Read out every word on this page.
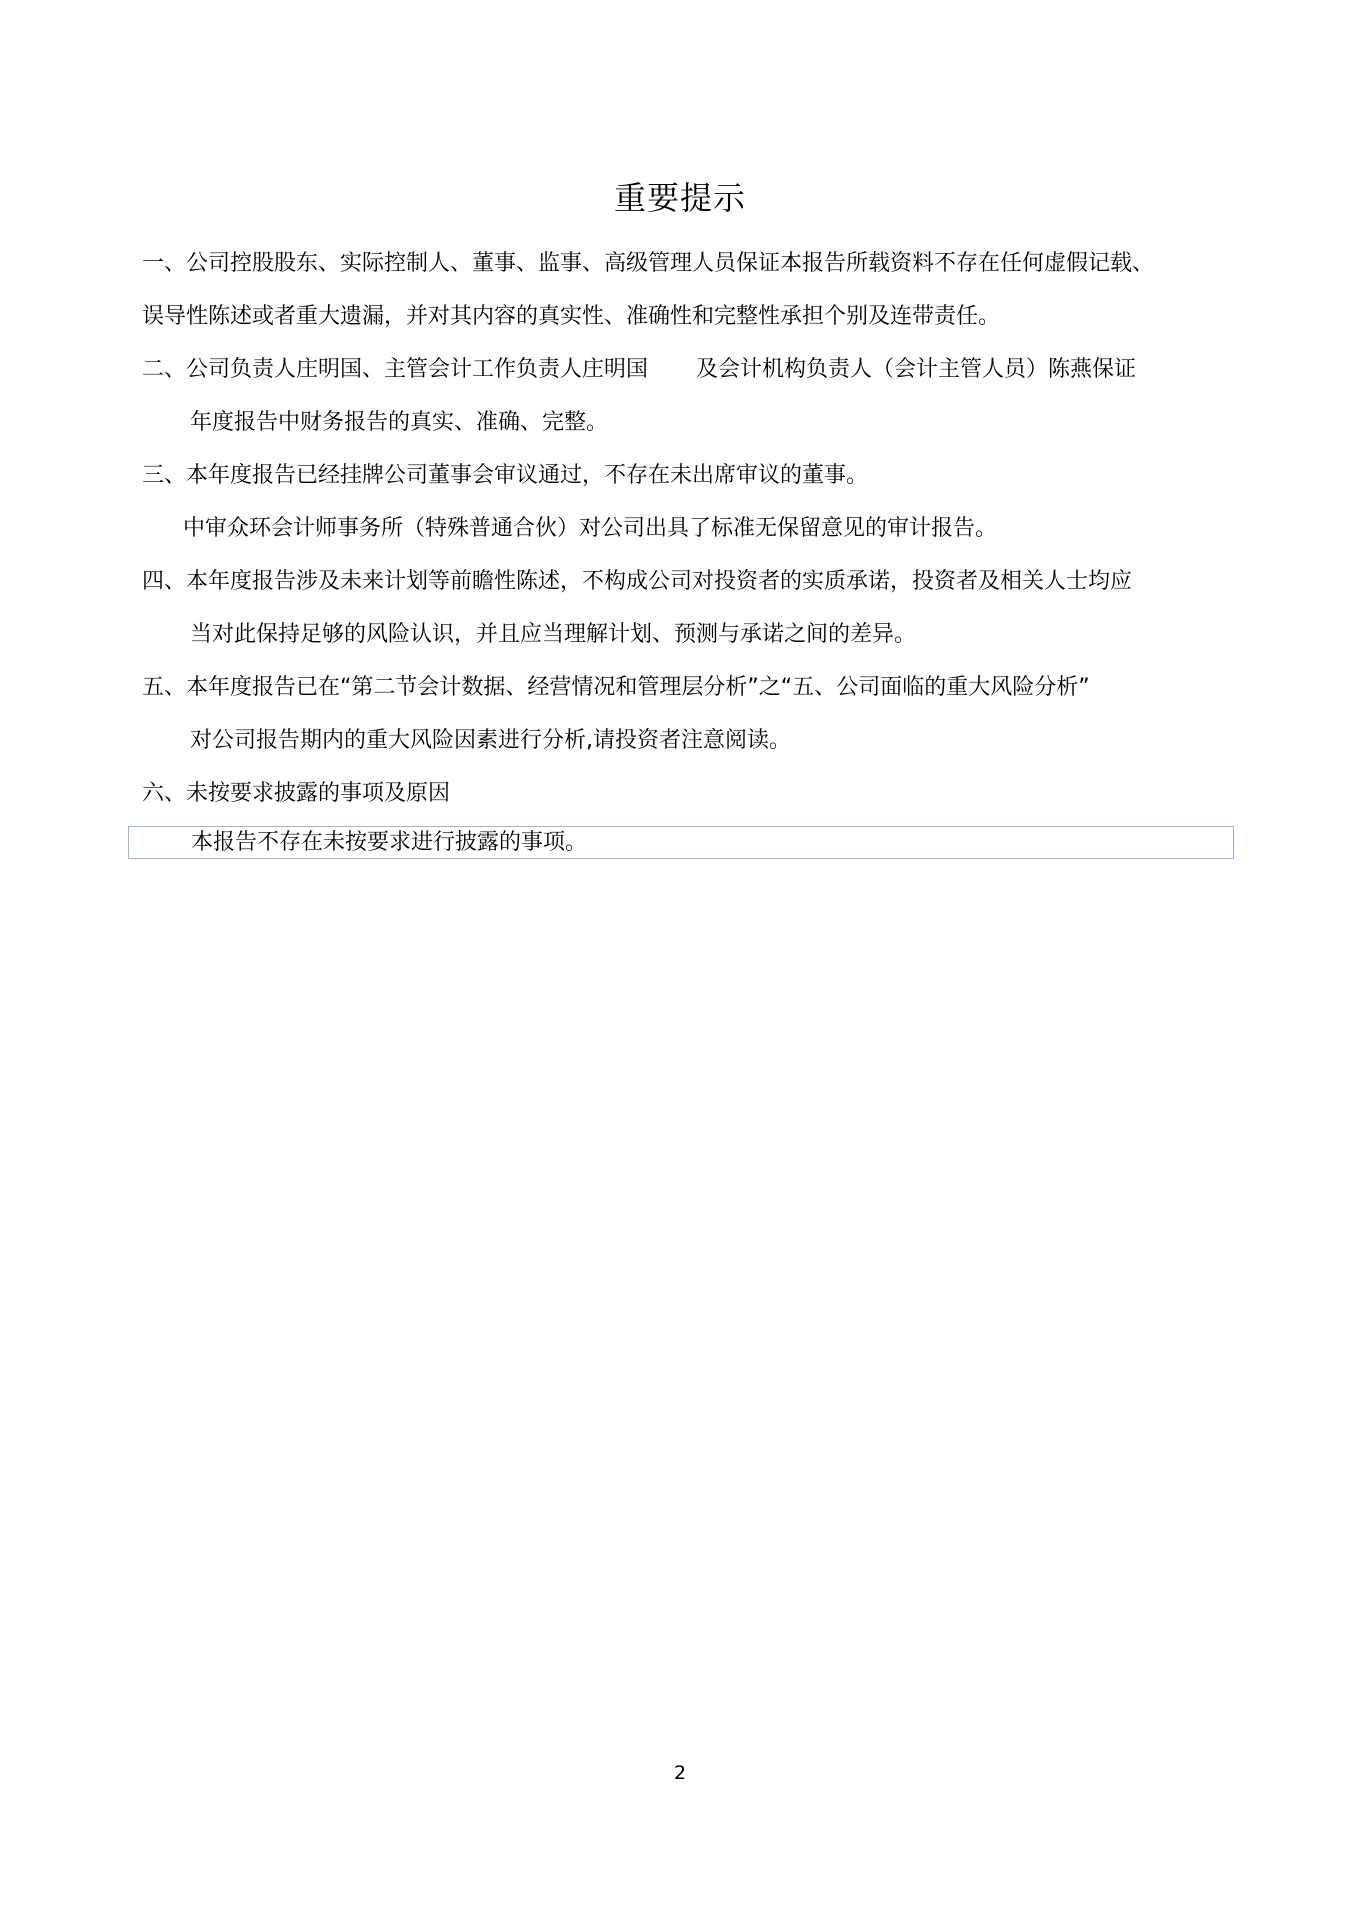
重要提示
一、公司控股股东、实际控制人、董事、监事、高级管理人员保证本报告所载资料不存在任何虚假记载、
误导性陈述或者重大遗漏，并对其内容的真实性、准确性和完整性承担个别及连带责任。
二、公司负责人庄明国、主管会计工作负责人庄明国 及会计机构负责人（会计主管人员）陈燕保证
年度报告中财务报告的真实、准确、完整。
三、本年度报告已经挂牌公司董事会审议通过，不存在未出席审议的董事。
中审众环会计师事务所（特殊普通合伙）对公司出具了标准无保留意见的审计报告。
四、本年度报告涉及未来计划等前瞻性陈述，不构成公司对投资者的实质承诺，投资者及相关人士均应
当对此保持足够的风险认识，并且应当理解计划、预测与承诺之间的差异。
五、本年度报告已在“第二节会计数据、经营情况和管理层分析”之“五、公司面临的重大风险分析”
对公司报告期内的重大风险因素进行分析,请投资者注意阅读。
六、未按要求披露的事项及原因
本报告不存在未按要求进行披露的事项。
2
